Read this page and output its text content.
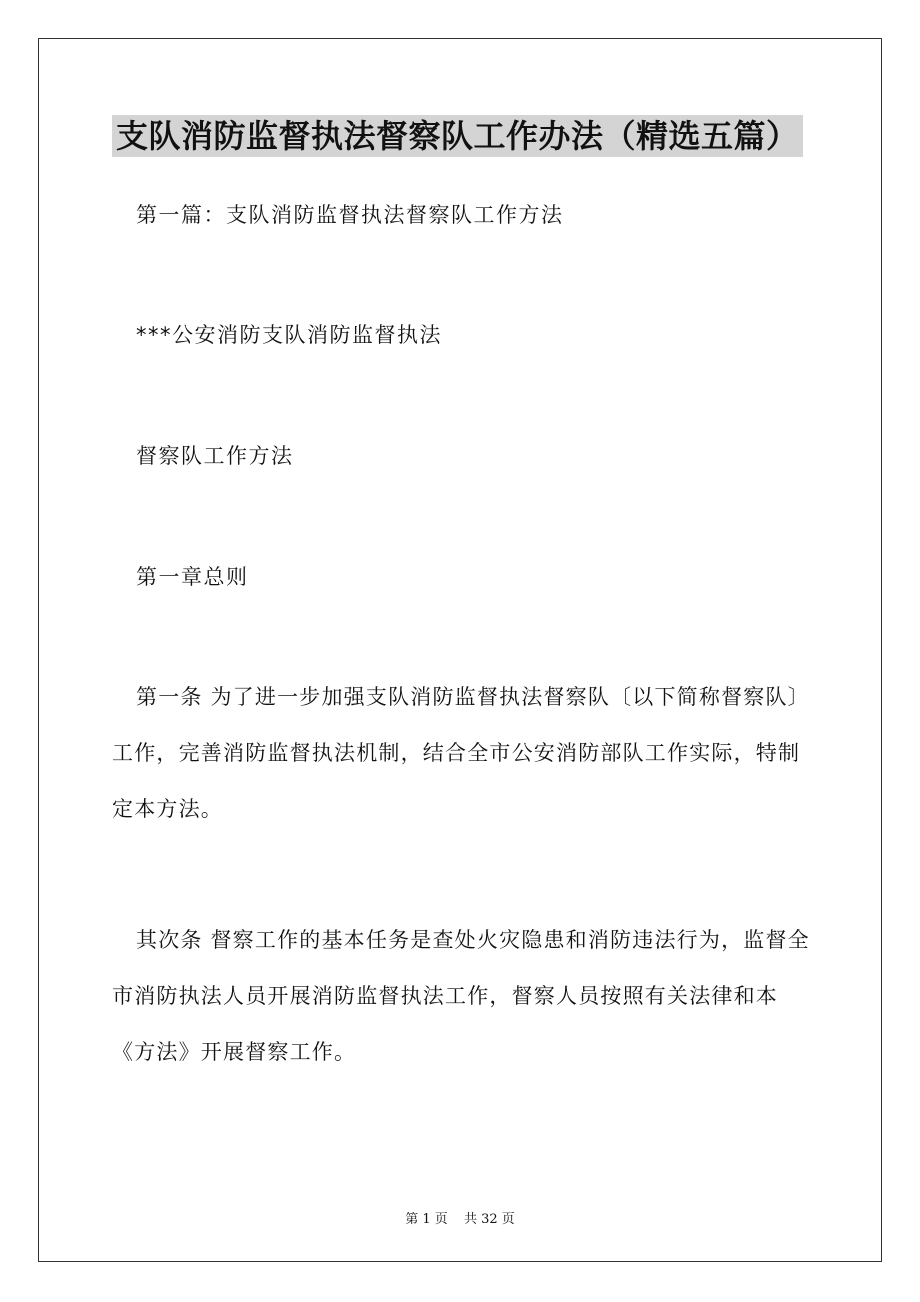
支队消防监督执法督察队工作办法（精选五篇）
第一篇：支队消防监督执法督察队工作方法
***公安消防支队消防监督执法
督察队工作方法
第一章总则
第一条 为了进一步加强支队消防监督执法督察队〔以下简称督察队〕工作，完善消防监督执法机制，结合全市公安消防部队工作实际，特制定本方法。
其次条 督察工作的基本任务是查处火灾隐患和消防违法行为，监督全市消防执法人员开展消防监督执法工作，督察人员按照有关法律和本《方法》开展督察工作。
第 1 页 共 32 页
